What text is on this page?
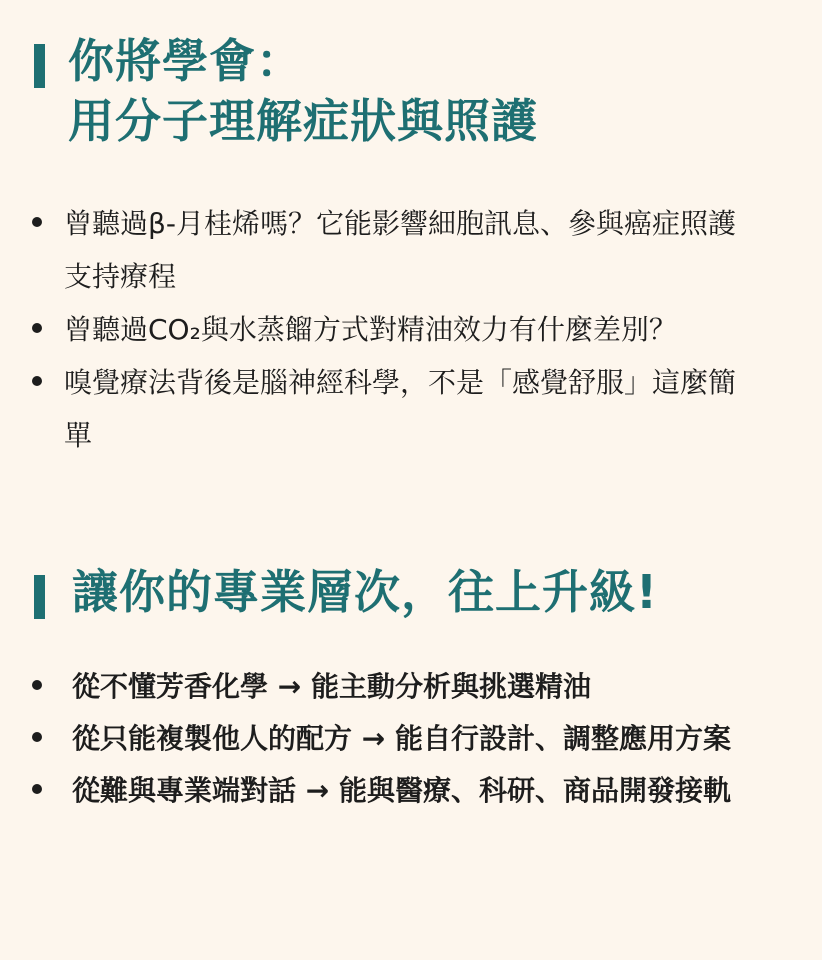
你將學會：
用分子理解症狀與照護
曾聽過β-月桂烯嗎？它能影響細胞訊息、參與癌症照護支持療程
曾聽過CO₂與水蒸餾方式對精油效力有什麼差別？
嗅覺療法背後是腦神經科學，不是「感覺舒服」這麼簡單
讓你的專業層次，往上升級!
從不懂芳香化學 → 能主動分析與挑選精油
從只能複製他人的配方 → 能自行設計、調整應用方案
從難與專業端對話 → 能與醫療、科研、商品開發接軌
